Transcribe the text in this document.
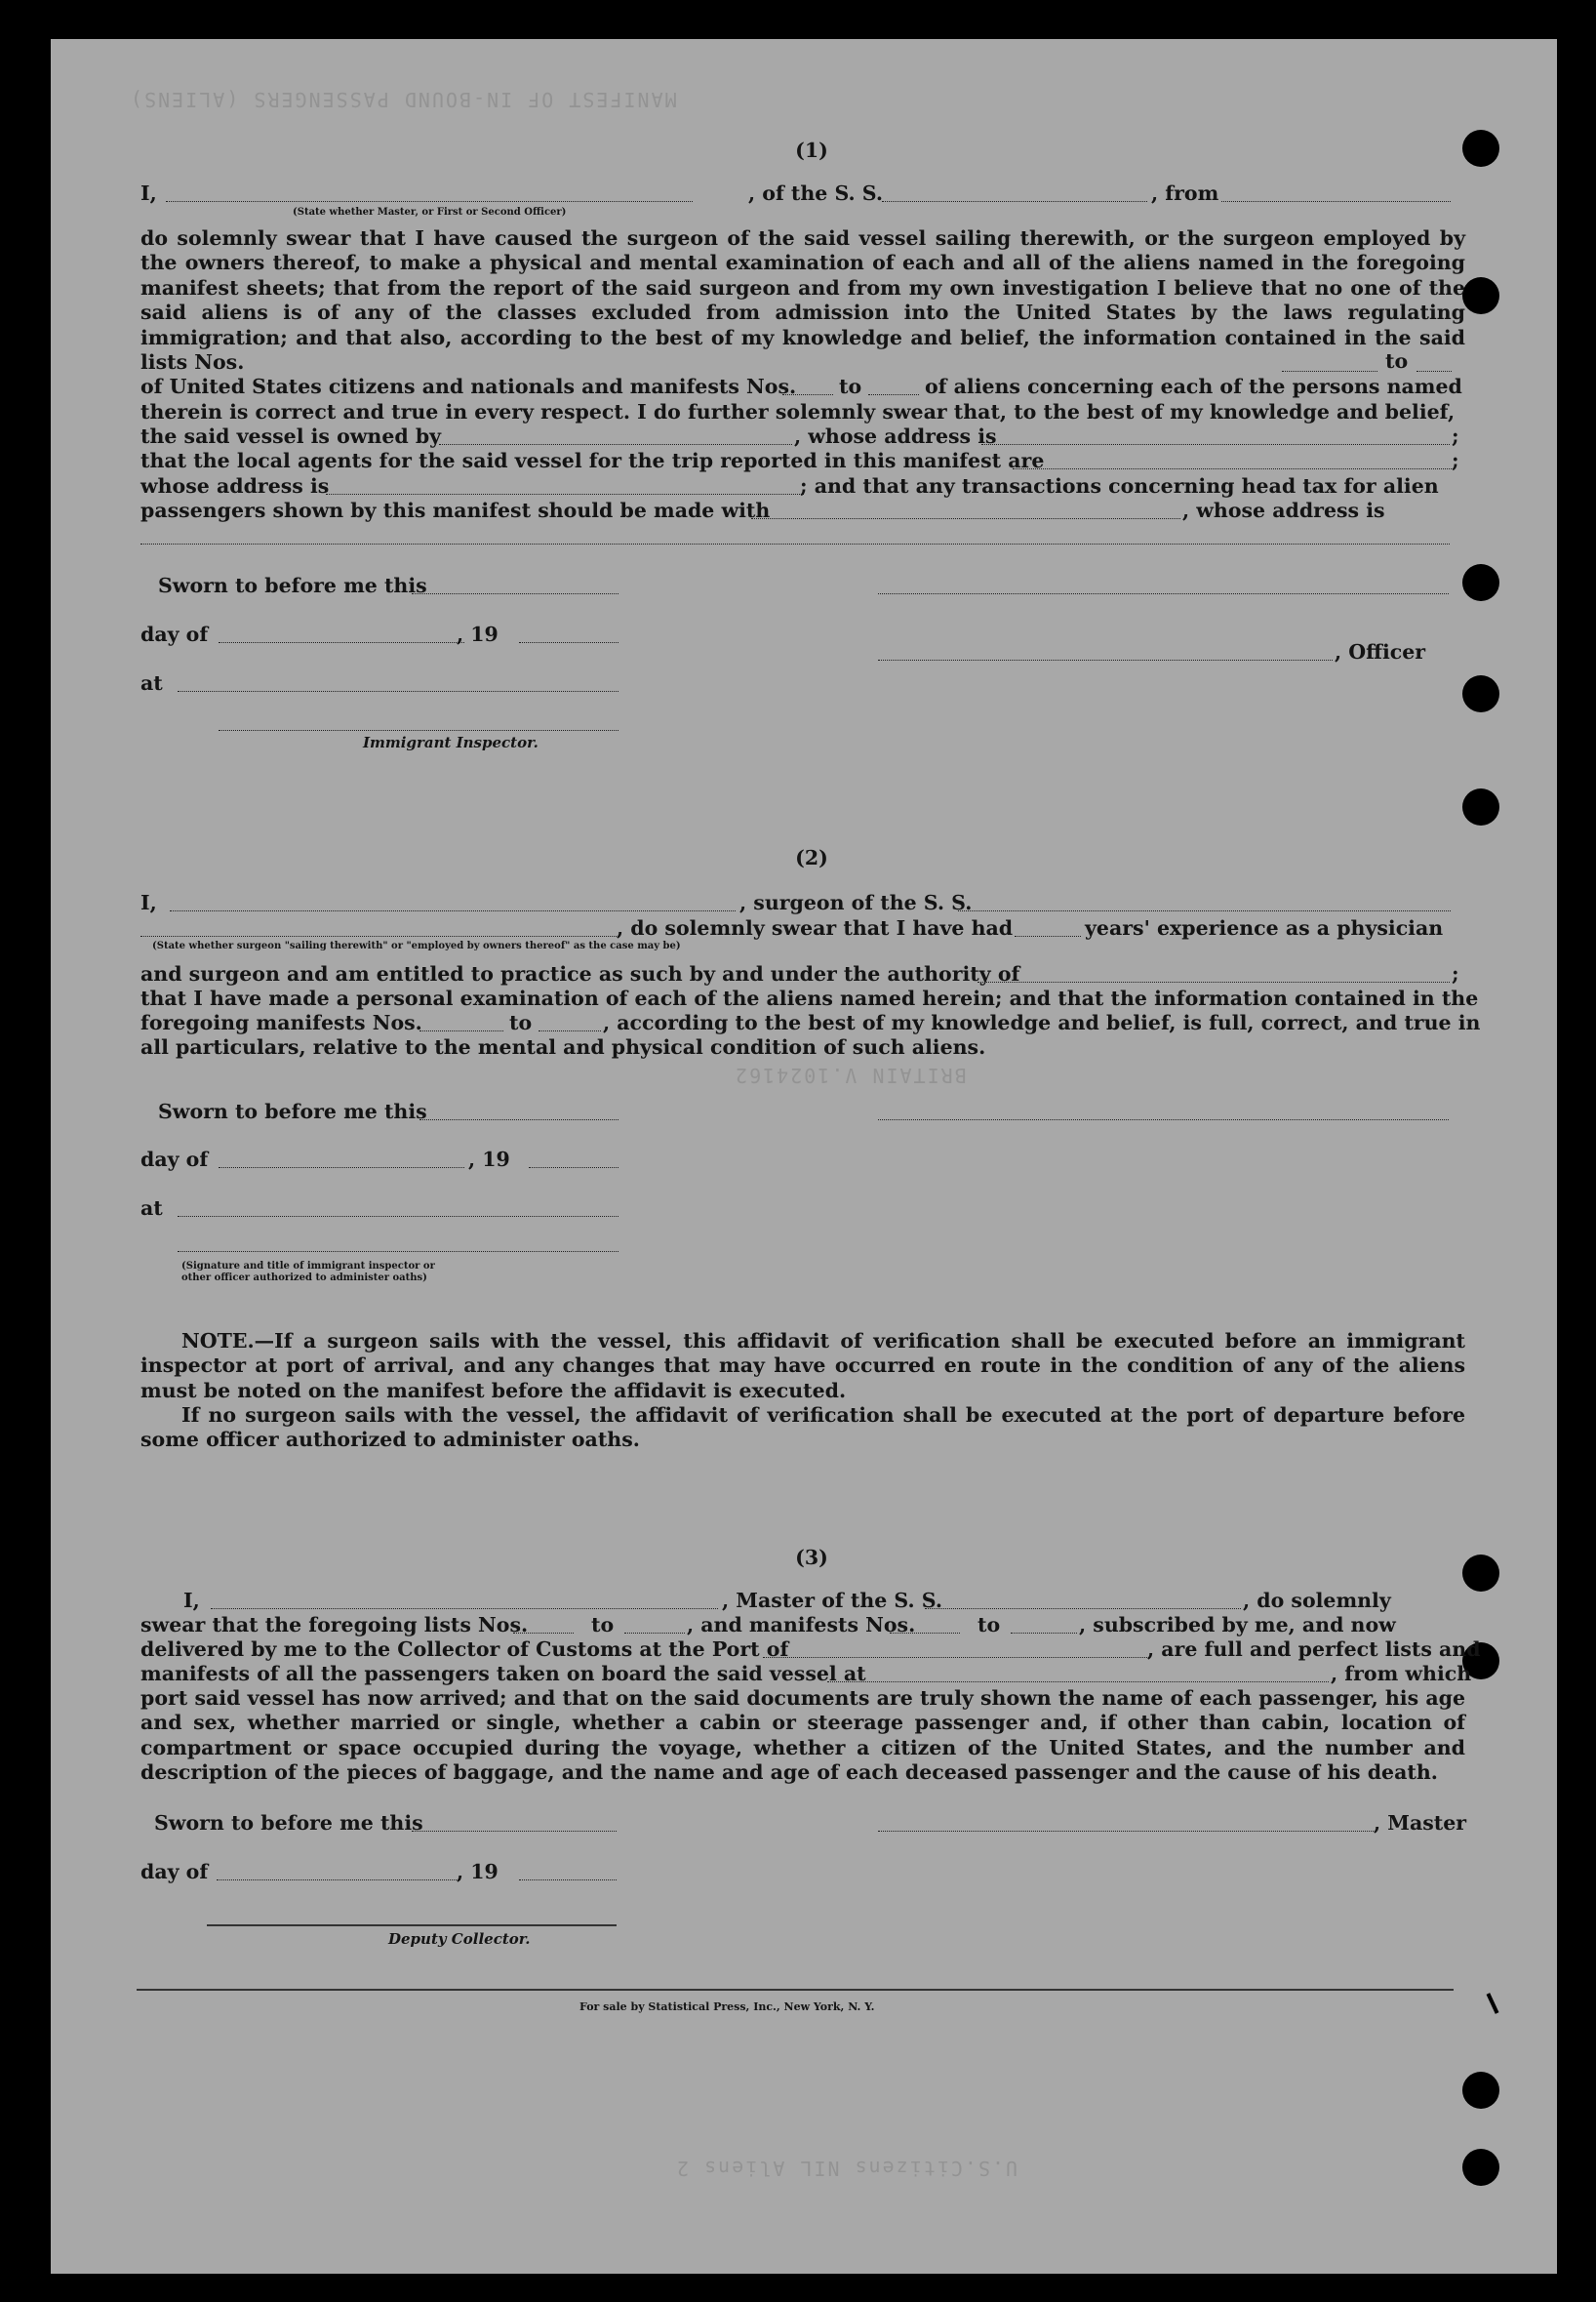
MANIFEST OF IN-BOUND PASSENGERS (ALIENS)
BRITAIN V.1024162
U.S.Citizens NIL Aliens 2
(1)
I,	, of the S. S.	, from
(State whether Master, or First or Second Officer)
do solemnly swear that I have caused the surgeon of the said vessel sailing therewith, or the surgeon employed by the owners thereof, to make a physical and mental examination of each and all of the aliens named in the foregoing manifest sheets; that from the report of the said surgeon and from my own investigation I believe that no one of the said aliens is of any of the classes excluded from admission into the United States by the laws regulating immigration; and that also, according to the best of my knowledge and belief, the information contained in the said lists Nos.	to
of United States citizens and nationals and manifests Nos. to	of aliens concerning each of the persons named
therein is correct and true in every respect. I do further solemnly swear that, to the best of my knowledge and belief,
the said vessel is owned by	, whose address is	;
that the local agents for the said vessel for the trip reported in this manifest are	;
whose address is	; and that any transactions concerning head tax for alien
passengers shown by this manifest should be made with	, whose address is
Sworn to before me this
day of	, 19
, Officer
at
Immigrant Inspector.
(2)
I,	, surgeon of the S. S.
, do solemnly swear that I have had	years' experience as a physician
(State whether surgeon "sailing therewith" or "employed by owners thereof" as the case may be)
and surgeon and am entitled to practice as such by and under the authority of	;
that I have made a personal examination of each of the aliens named herein; and that the information contained in the
foregoing manifests Nos.	to	, according to the best of my knowledge and belief, is full, correct, and true in
all particulars, relative to the mental and physical condition of such aliens.
Sworn to before me this
day of	, 19
at
(Signature and title of immigrant inspector or
other officer authorized to administer oaths)
NOTE.—If a surgeon sails with the vessel, this affidavit of verification shall be executed before an immigrant inspector at port of arrival, and any changes that may have occurred en route in the condition of any of the aliens must be noted on the manifest before the affidavit is executed.
If no surgeon sails with the vessel, the affidavit of verification shall be executed at the port of departure before some officer authorized to administer oaths.
(3)
I,	, Master of the S. S.	, do solemnly
swear that the foregoing lists Nos.	to	, and manifests Nos.	to	, subscribed by me, and now
delivered by me to the Collector of Customs at the Port of	, are full and perfect lists and
manifests of all the passengers taken on board the said vessel at	, from which
port said vessel has now arrived; and that on the said documents are truly shown the name of each passenger, his age and sex, whether married or single, whether a cabin or steerage passenger and, if other than cabin, location of compartment or space occupied during the voyage, whether a citizen of the United States, and the number and description of the pieces of baggage, and the name and age of each deceased passenger and the cause of his death.
Sworn to before me this	, Master
day of	, 19
Deputy Collector.
For sale by Statistical Press, Inc., New York, N. Y.
